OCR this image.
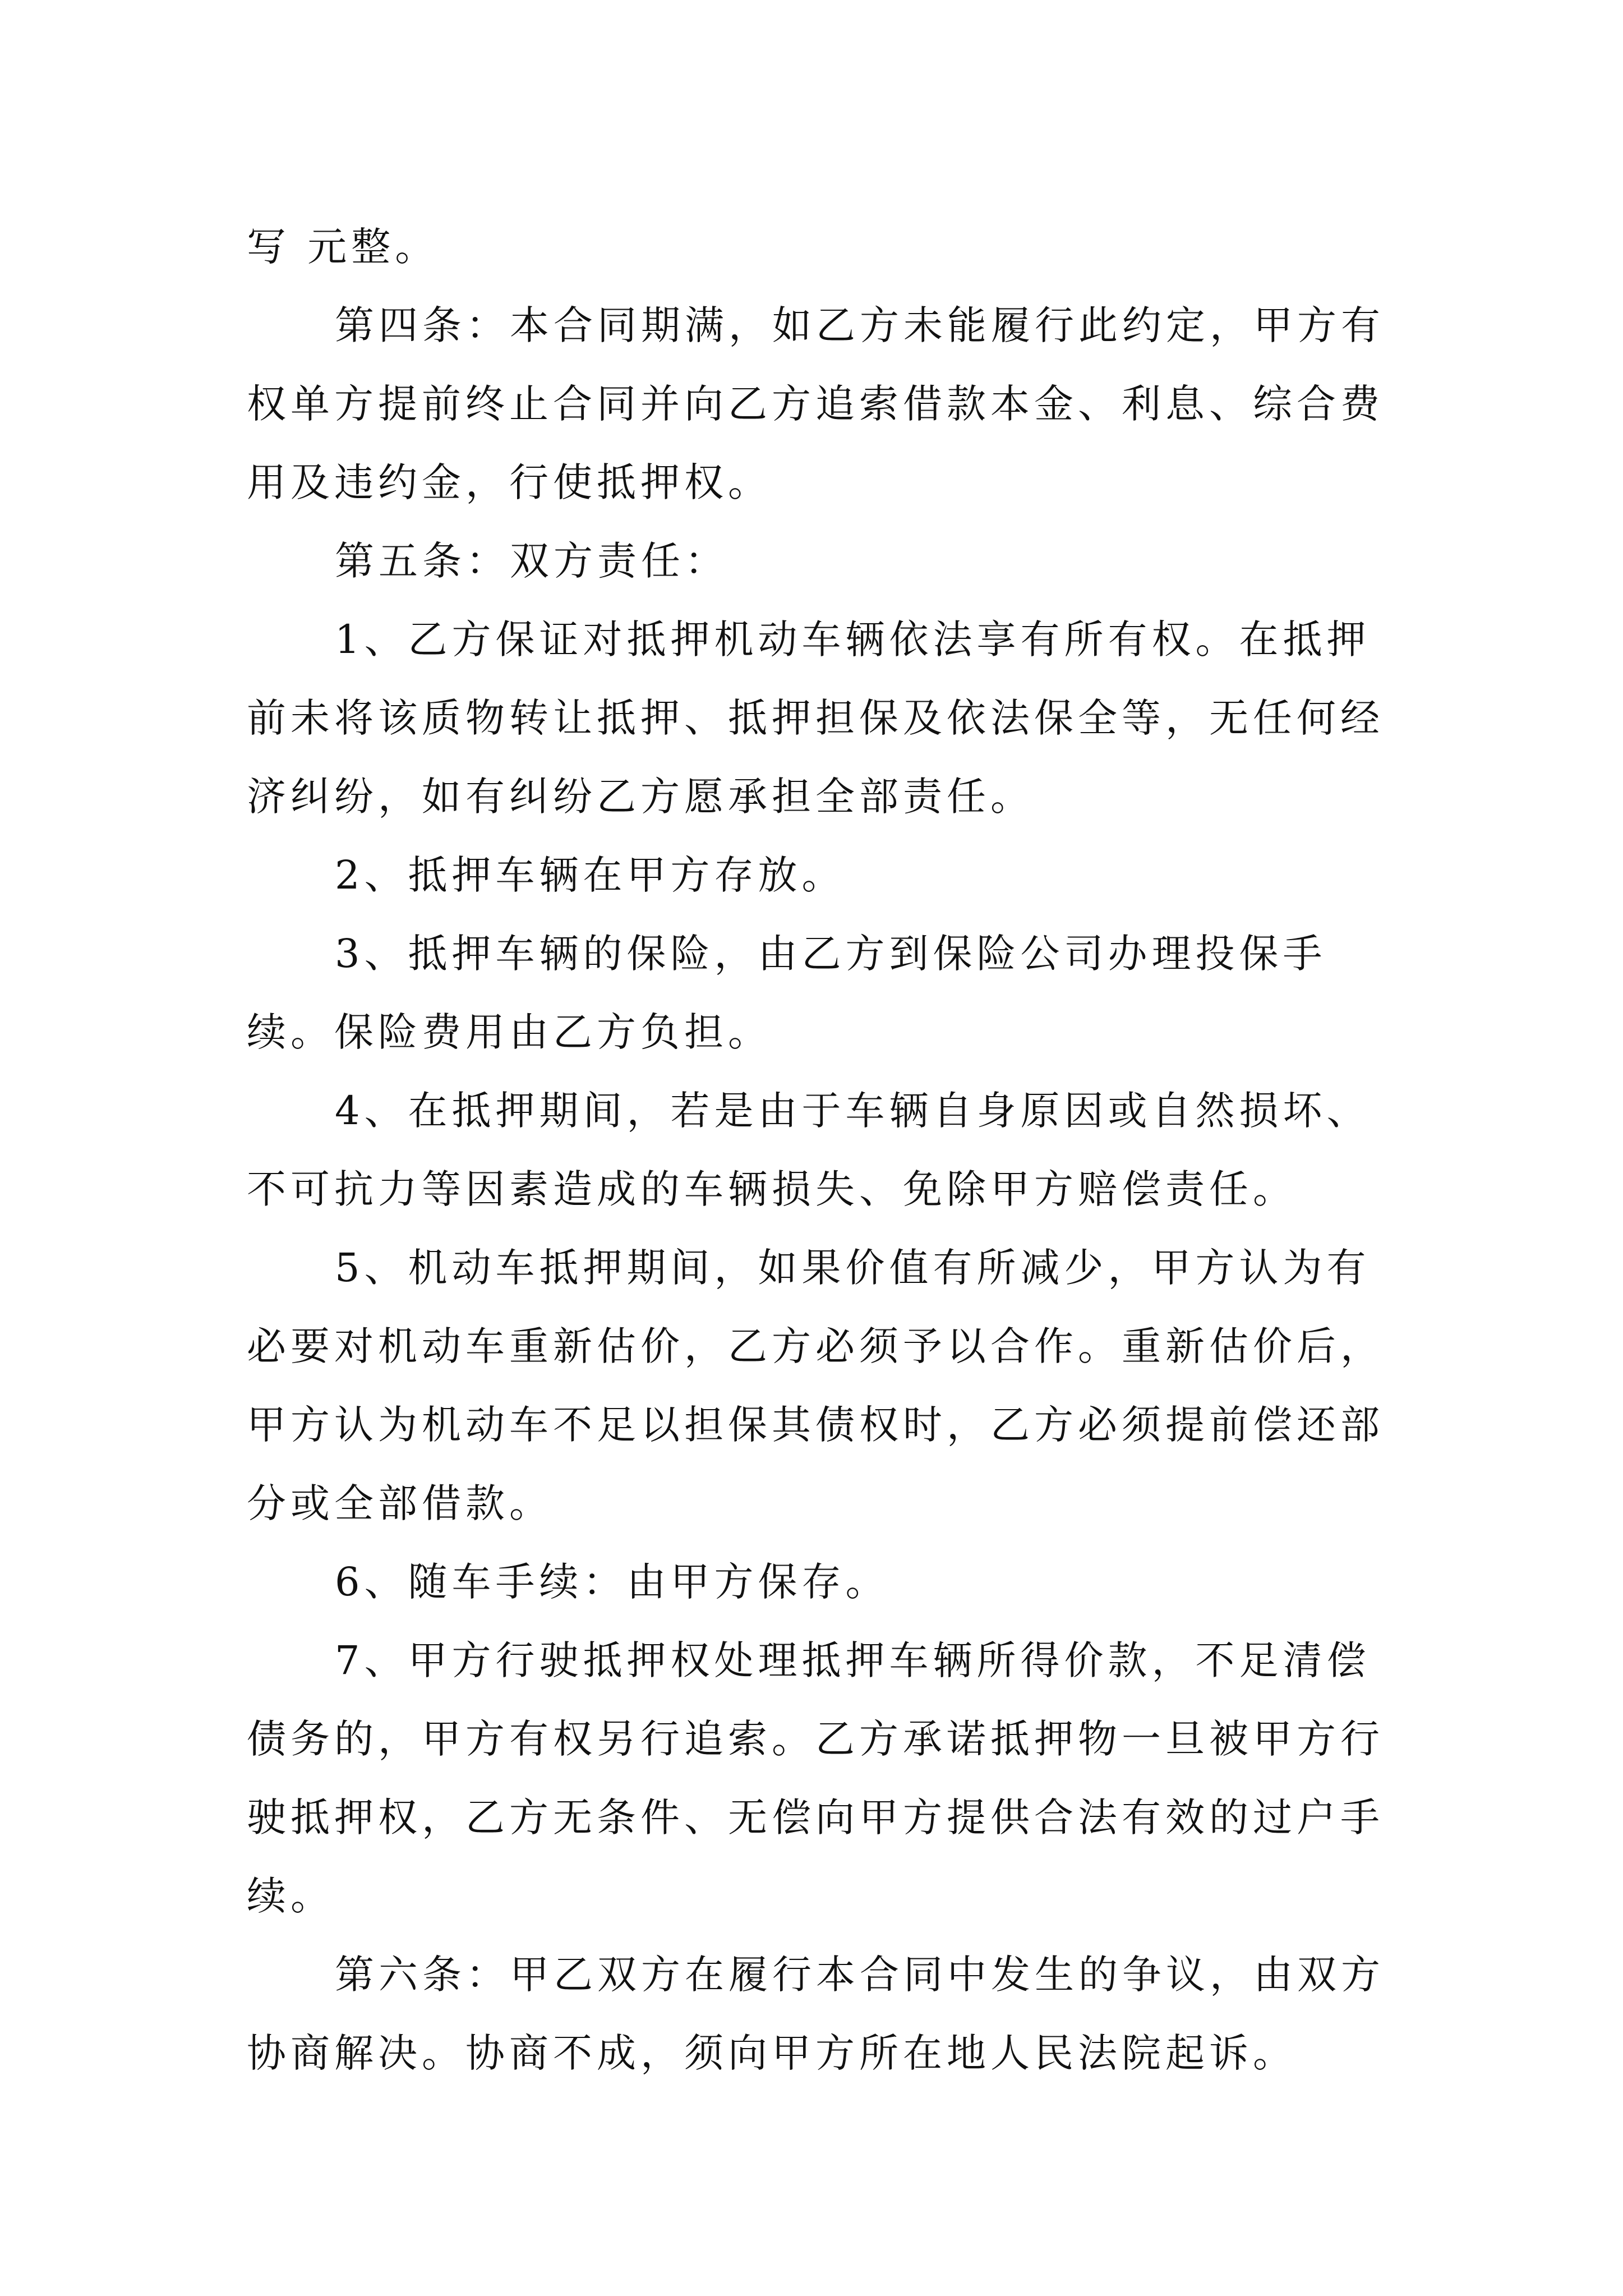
写 元整。

第四条：本合同期满，如乙方未能履行此约定，甲方有权单方提前终止合同并向乙方追索借款本金、利息、综合费用及违约金，行使抵押权。

第五条：双方责任：

1、乙方保证对抵押机动车辆依法享有所有权。在抵押前未将该质物转让抵押、抵押担保及依法保全等，无任何经济纠纷，如有纠纷乙方愿承担全部责任。

2、抵押车辆在甲方存放。

3、抵押车辆的保险，由乙方到保险公司办理投保手续。保险费用由乙方负担。

4、在抵押期间，若是由于车辆自身原因或自然损坏、不可抗力等因素造成的车辆损失、免除甲方赔偿责任。

5、机动车抵押期间，如果价值有所减少，甲方认为有必要对机动车重新估价，乙方必须予以合作。重新估价后，甲方认为机动车不足以担保其债权时，乙方必须提前偿还部分或全部借款。

6、随车手续：由甲方保存。

7、甲方行驶抵押权处理抵押车辆所得价款，不足清偿债务的，甲方有权另行追索。乙方承诺抵押物一旦被甲方行驶抵押权，乙方无条件、无偿向甲方提供合法有效的过户手续。

第六条：甲乙双方在履行本合同中发生的争议，由双方协商解决。协商不成，须向甲方所在地人民法院起诉。
